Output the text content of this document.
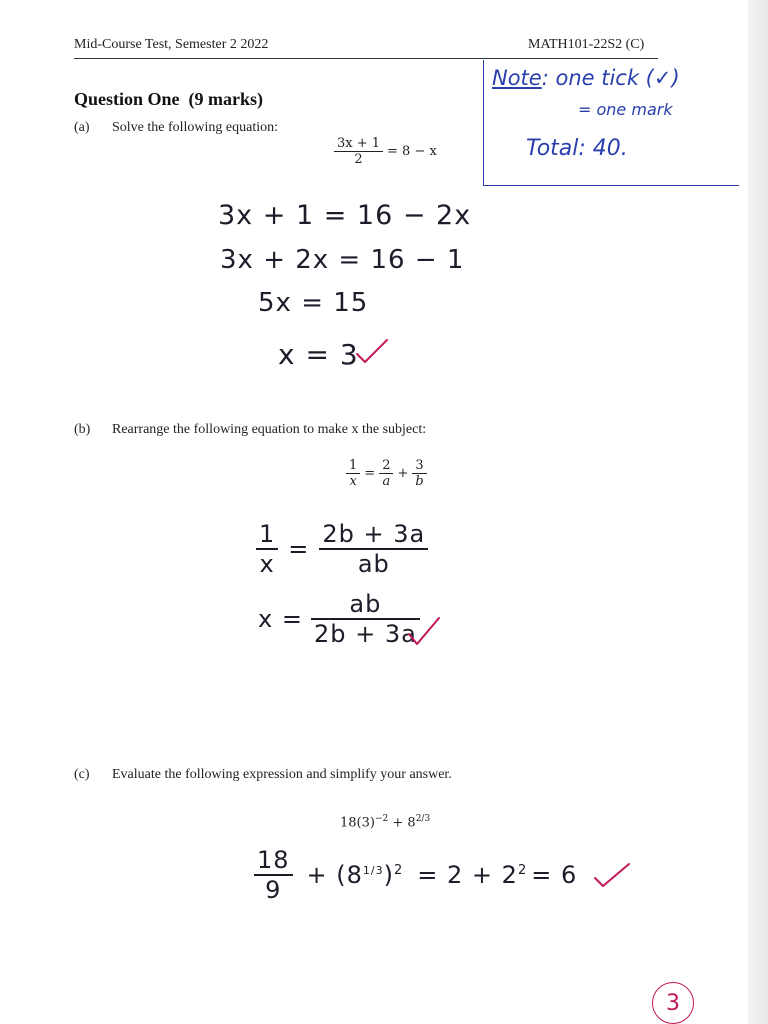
Mid-Course Test, Semester 2 2022	MATH101-22S2 (C)
Note: one tick (✓)
= one mark
Total: 40.
Question One (9 marks)
(a) Solve the following equation:
$\frac{3x + 1}{2} = 8 - x$
3x + 1 = 16 − 2x
3x + 2x = 16 − 1
5x = 15
x = 3
(b) Rearrange the following equation to make x the subject:
$\frac{1}{x} = \frac{2}{a} + \frac{3}{b}$
$\frac{1}{x} = \frac{2b + 3a}{ab}$
$x = \frac{ab}{2b + 3a}$
(c) Evaluate the following expression and simplify your answer.
$18(3)^{-2} + 8^{2/3}$
$\frac{18}{9} + (8^{1/3})^2 = 2 + 2^2 = 6$
3
